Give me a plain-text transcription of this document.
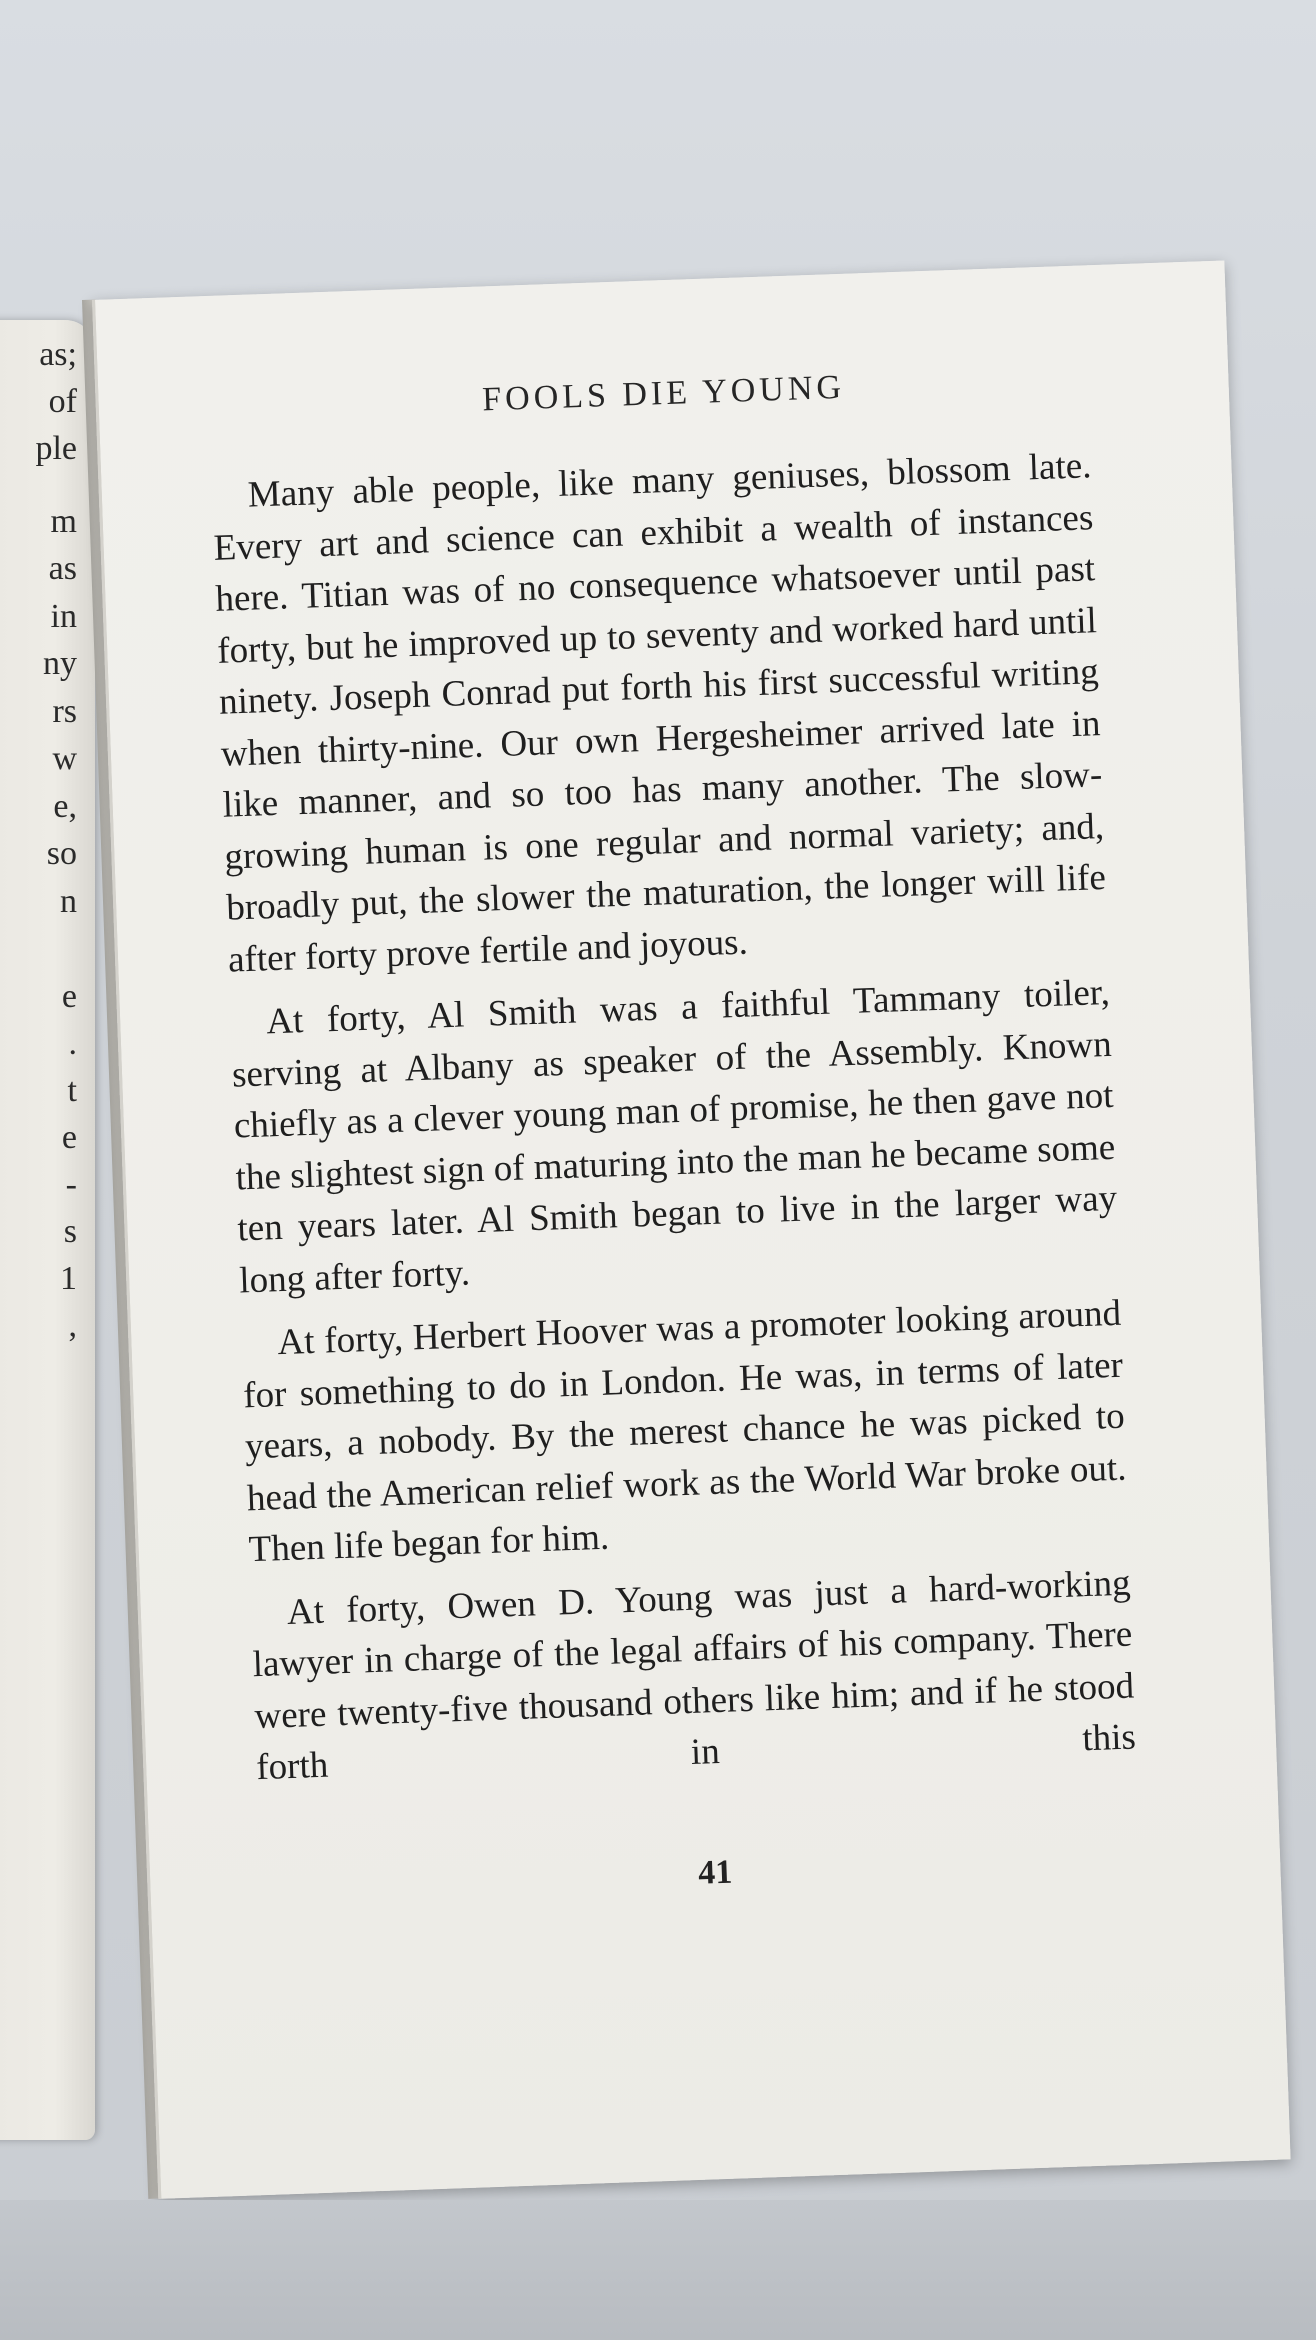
as;
of
ple
m
as
in
ny
rs
w
e,
so
n
e
.
t
e
-
s
1
,
FOOLS DIE YOUNG

Many able people, like many geniuses, blossom late. Every art and science can exhibit a wealth of instances here. Titian was of no consequence whatsoever until past forty, but he improved up to seventy and worked hard until ninety. Joseph Conrad put forth his first successful writing when thirty-nine. Our own Hergesheimer arrived late in like manner, and so too has many another. The slow-growing human is one regular and normal variety; and, broadly put, the slower the maturation, the longer will life after forty prove fertile and joyous.

At forty, Al Smith was a faithful Tammany toiler, serving at Albany as speaker of the Assembly. Known chiefly as a clever young man of promise, he then gave not the slightest sign of maturing into the man he became some ten years later. Al Smith began to live in the larger way long after forty.

At forty, Herbert Hoover was a promoter looking around for something to do in London. He was, in terms of later years, a nobody. By the merest chance he was picked to head the American relief work as the World War broke out. Then life began for him.

At forty, Owen D. Young was just a hard-working lawyer in charge of the legal affairs of his company. There were twenty-five thousand others like him; and if he stood forth in this

41
